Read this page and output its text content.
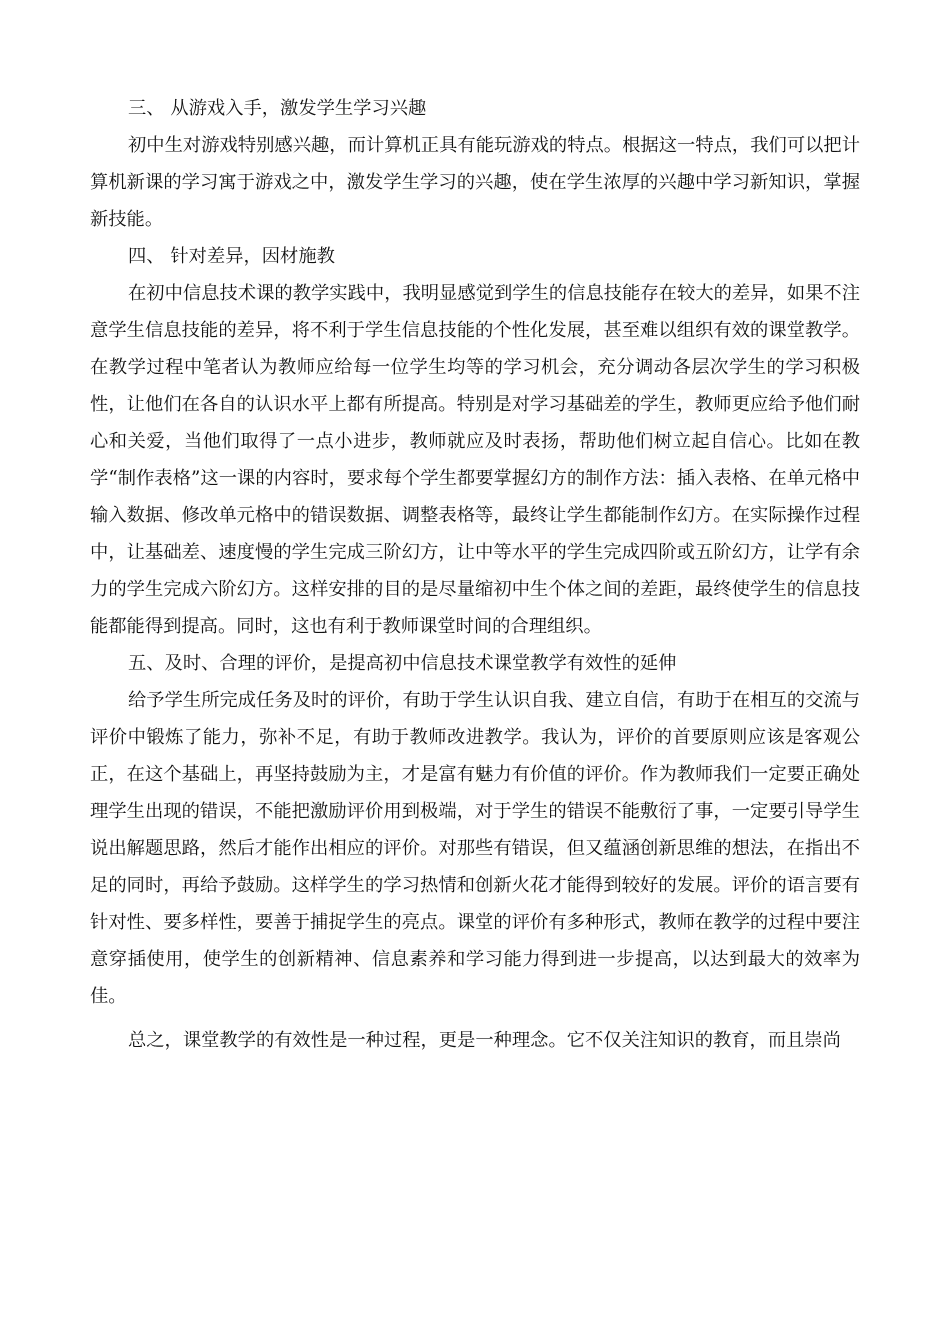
三、 从游戏入手，激发学生学习兴趣

初中生对游戏特别感兴趣，而计算机正具有能玩游戏的特点。根据这一特点，我们可以把计算机新课的学习寓于游戏之中，激发学生学习的兴趣，使在学生浓厚的兴趣中学习新知识，掌握新技能。

四、 针对差异，因材施教

在初中信息技术课的教学实践中，我明显感觉到学生的信息技能存在较大的差异，如果不注意学生信息技能的差异，将不利于学生信息技能的个性化发展，甚至难以组织有效的课堂教学。在教学过程中笔者认为教师应给每一位学生均等的学习机会，充分调动各层次学生的学习积极性，让他们在各自的认识水平上都有所提高。特别是对学习基础差的学生，教师更应给予他们耐心和关爱，当他们取得了一点小进步，教师就应及时表扬，帮助他们树立起自信心。比如在教学“制作表格”这一课的内容时，要求每个学生都要掌握幻方的制作方法：插入表格、在单元格中输入数据、修改单元格中的错误数据、调整表格等，最终让学生都能制作幻方。在实际操作过程中，让基础差、速度慢的学生完成三阶幻方，让中等水平的学生完成四阶或五阶幻方，让学有余力的学生完成六阶幻方。这样安排的目的是尽量缩初中生个体之间的差距，最终使学生的信息技能都能得到提高。同时，这也有利于教师课堂时间的合理组织。

五、及时、合理的评价，是提高初中信息技术课堂教学有效性的延伸

给予学生所完成任务及时的评价，有助于学生认识自我、建立自信，有助于在相互的交流与评价中锻炼了能力，弥补不足，有助于教师改进教学。我认为，评价的首要原则应该是客观公正，在这个基础上，再坚持鼓励为主，才是富有魅力有价值的评价。作为教师我们一定要正确处理学生出现的错误，不能把激励评价用到极端，对于学生的错误不能敷衍了事，一定要引导学生说出解题思路，然后才能作出相应的评价。对那些有错误，但又蕴涵创新思维的想法，在指出不足的同时，再给予鼓励。这样学生的学习热情和创新火花才能得到较好的发展。评价的语言要有针对性、要多样性，要善于捕捉学生的亮点。课堂的评价有多种形式，教师在教学的过程中要注意穿插使用，使学生的创新精神、信息素养和学习能力得到进一步提高，以达到最大的效率为佳。

总之，课堂教学的有效性是一种过程，更是一种理念。它不仅关注知识的教育，而且崇尚
